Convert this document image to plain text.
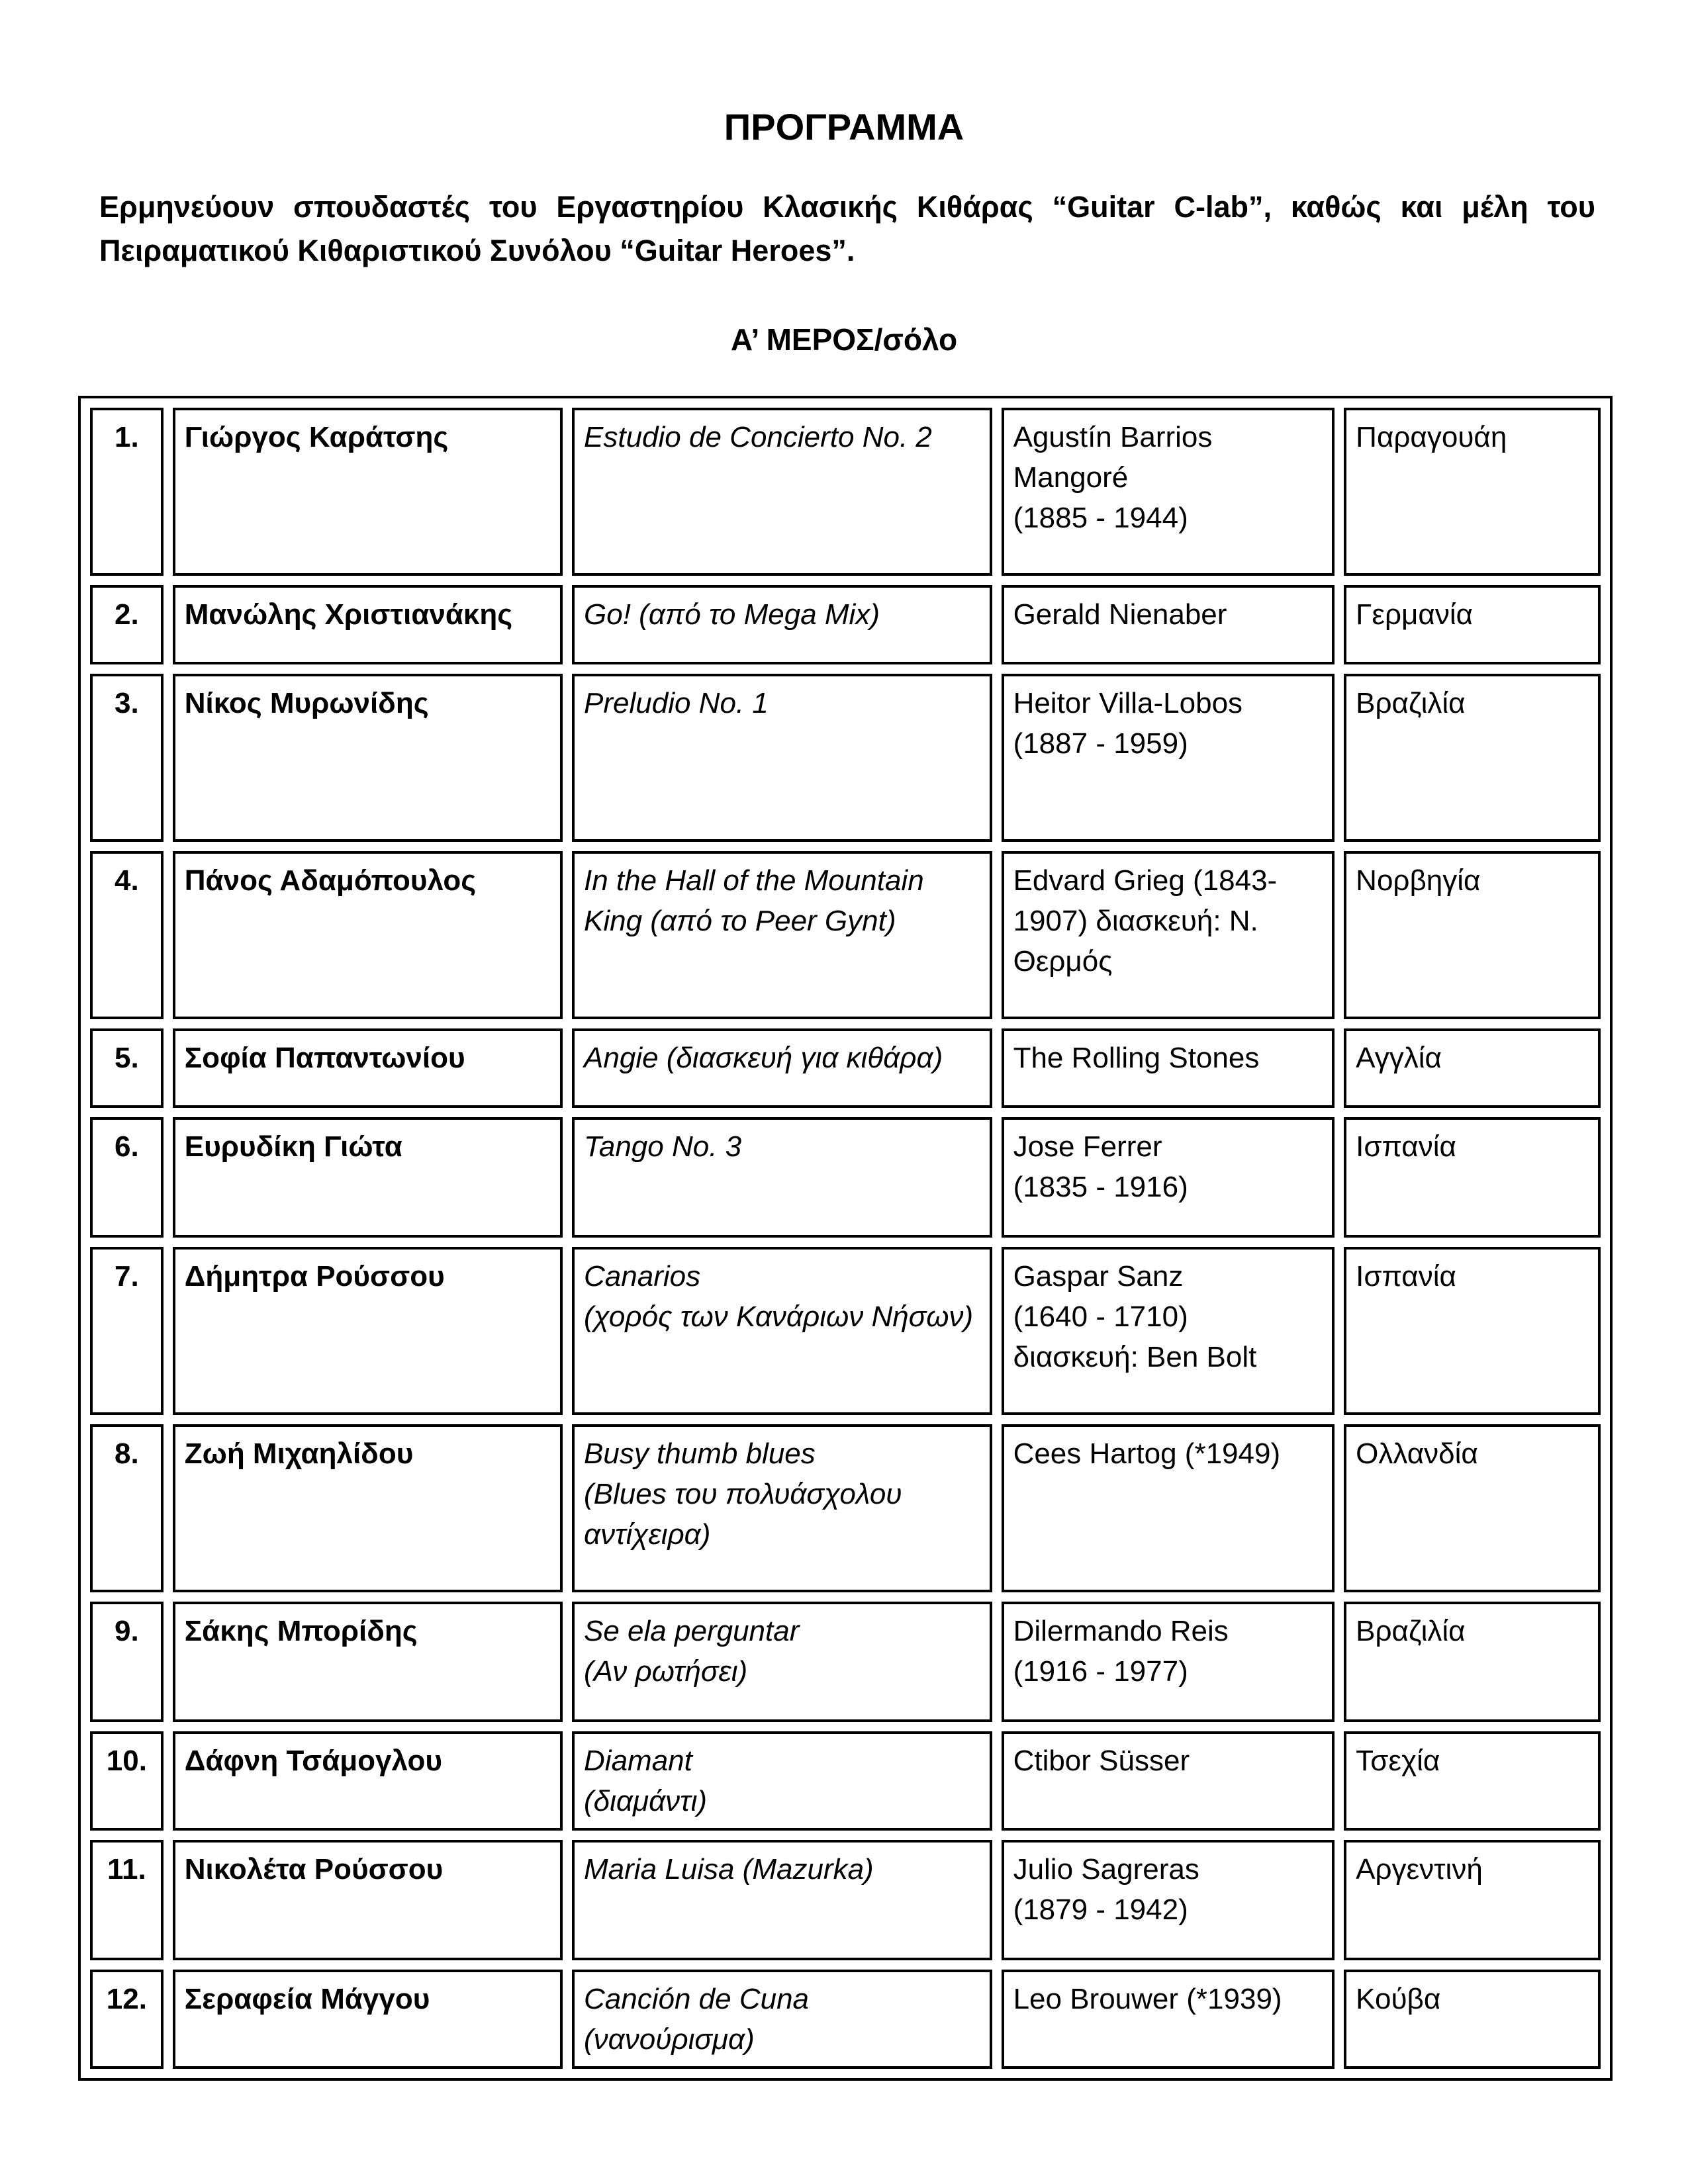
ΠΡΟΓΡΑΜΜΑ
Ερμηνεύουν σπουδαστές του Εργαστηρίου Κλασικής Κιθάρας “Guitar C-lab”, καθώς και μέλη του Πειραματικού Κιθαριστικού Συνόλου “Guitar Heroes”.
Α’ ΜΕΡΟΣ/σόλο
1.	Γιώργος Καράτσης	Estudio de Concierto No. 2	Agustín Barrios
Mangoré
(1885 - 1944)	Παραγουάη
2.	Μανώλης Χριστιανάκης	Go! (από το Mega Mix)	Gerald Nienaber	Γερμανία
3.	Νίκος Μυρωνίδης	Preludio No. 1	Heitor Villa-Lobos
(1887 - 1959)	Βραζιλία
4.	Πάνος Αδαμόπουλος	In the Hall of the Mountain King (από το Peer Gynt)	Edvard Grieg (1843-1907) διασκευή: Ν. Θερμός	Νορβηγία
5.	Σοφία Παπαντωνίου	Angie (διασκευή για κιθάρα)	The Rolling Stones	Αγγλία
6.	Ευρυδίκη Γιώτα	Tango No. 3	Jose Ferrer
(1835 - 1916)	Ισπανία
7.	Δήμητρα Ρούσσου	Canarios
(χορός των Κανάριων Νήσων)	Gaspar Sanz
(1640 - 1710)
διασκευή: Ben Bolt	Ισπανία
8.	Ζωή Μιχαηλίδου	Busy thumb blues
(Blues του πολυάσχολου αντίχειρα)	Cees Hartog (*1949)	Ολλανδία
9.	Σάκης Μπορίδης	Se ela perguntar
(Αν ρωτήσει)	Dilermando Reis
(1916 - 1977)	Βραζιλία
10.	Δάφνη Τσάμογλου	Diamant
(διαμάντι)	Ctibor Süsser	Τσεχία
11.	Νικολέτα Ρούσσου	Maria Luisa (Mazurka)	Julio Sagreras
(1879 - 1942)	Αργεντινή
12.	Σεραφεία Μάγγου	Canción de Cuna
(νανούρισμα)	Leo Brouwer (*1939)	Κούβα
